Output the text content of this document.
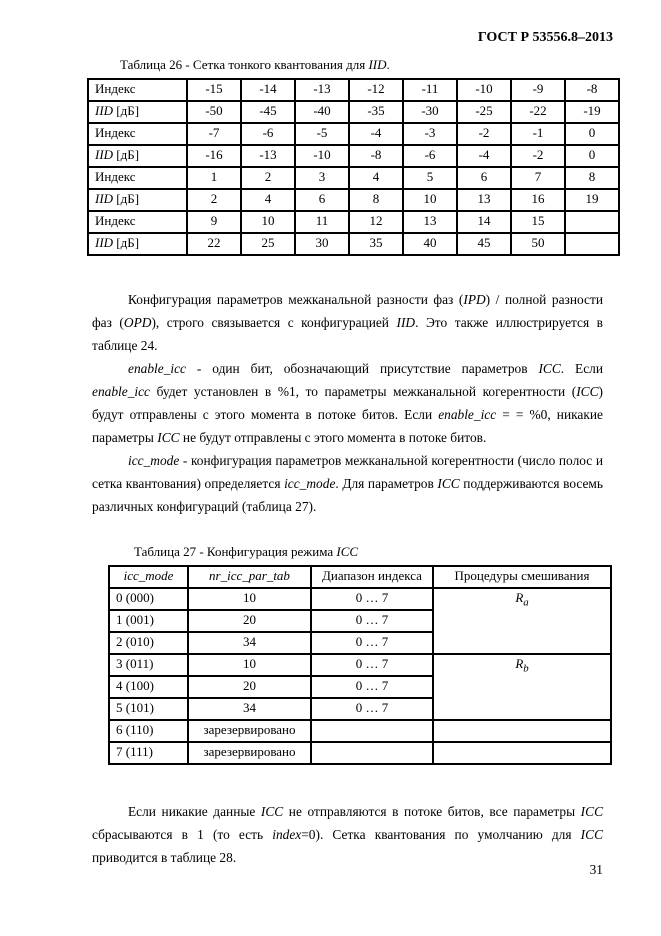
ГОСТ Р 53556.8–2013
Таблица 26 - Сетка тонкого квантования для IID.
Индекс	-15	-14	-13	-12	-11	-10	-9	-8
IID [дБ]	-50	-45	-40	-35	-30	-25	-22	-19
Индекс	-7	-6	-5	-4	-3	-2	-1	0
IID [дБ]	-16	-13	-10	-8	-6	-4	-2	0
Индекс	1	2	3	4	5	6	7	8
IID [дБ]	2	4	6	8	10	13	16	19
Индекс	9	10	11	12	13	14	15	
IID [дБ]	22	25	30	35	40	45	50	

Конфигурация параметров межканальной разности фаз (IPD) / полной разности фаз (OPD), строго связывается с конфигурацией IID. Это также иллюстрируется в таблице 24.

enable_icc - один бит, обозначающий присутствие параметров ICC. Если enable_icc будет установлен в %1, то параметры межканальной когерентности (ICC) будут отправлены с этого момента в потоке битов. Если enable_icc = = %0, никакие параметры ICC не будут отправлены с этого момента в потоке битов.

icc_mode - конфигурация параметров межканальной когерентности (число полос и сетка квантования) определяется icc_mode. Для параметров ICC поддерживаются восемь различных конфигураций (таблица 27).

Таблица 27 - Конфигурация режима ICC
icc_mode	nr_icc_par_tab	Диапазон индекса	Процедуры смешивания
0 (000)	10	0 … 7	$R_a$
1 (001)	20	0 … 7	
2 (010)	34	0 … 7	
3 (011)	10	0 … 7	$R_b$
4 (100)	20	0 … 7	
5 (101)	34	0 … 7	
6 (110)	зарезервировано		
7 (111)	зарезервировано		

Если никакие данные ICC не отправляются в потоке битов, все параметры ICC сбрасываются в 1 (то есть index=0). Сетка квантования по умолчанию для ICC приводится в таблице 28.

31
